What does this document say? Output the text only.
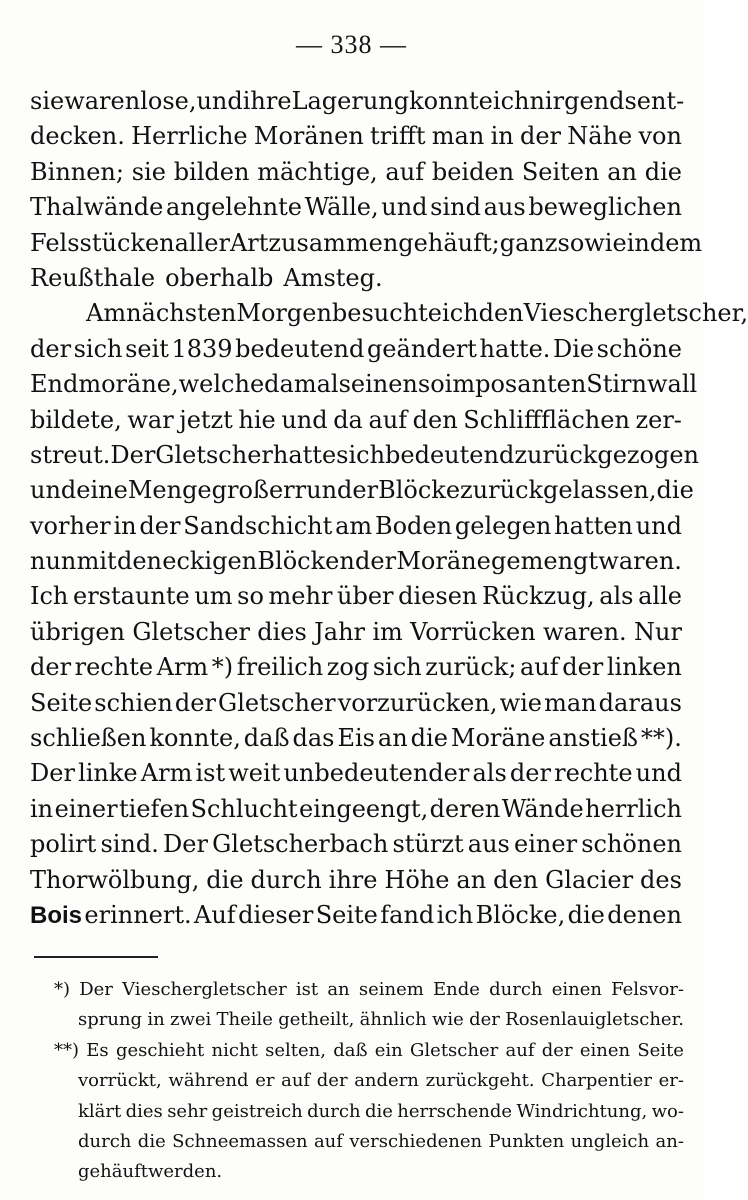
— 338 —
sie waren lose, und ihre Lagerung konnte ich nirgends ent-
decken. Herrliche Moränen trifft man in der Nähe von
Binnen; sie bilden mächtige, auf beiden Seiten an die
Thalwände angelehnte Wälle, und sind aus beweglichen
Felsstücken aller Art zusammengehäuft; ganz so wie in dem
Reußthale oberhalb Amsteg.
Am nächsten Morgen besuchte ich den Vieschergletscher,
der sich seit 1839 bedeutend geändert hatte. Die schöne
Endmoräne, welche damals einen so imposanten Stirnwall
bildete, war jetzt hie und da auf den Schliffflächen zer-
streut. Der Gletscher hatte sich bedeutend zurückgezogen
und eine Menge großer runder Blöcke zurückgelassen, die
vorher in der Sandschicht am Boden gelegen hatten und
nun mit den eckigen Blöcken der Moräne gemengt waren.
Ich erstaunte um so mehr über diesen Rückzug, als alle
übrigen Gletscher dies Jahr im Vorrücken waren. Nur
der rechte Arm *) freilich zog sich zurück; auf der linken
Seite schien der Gletscher vorzurücken, wie man daraus
schließen konnte, daß das Eis an die Moräne anstieß **).
Der linke Arm ist weit unbedeutender als der rechte und
in einer tiefen Schlucht eingeengt, deren Wände herrlich
polirt sind. Der Gletscherbach stürzt aus einer schönen
Thorwölbung, die durch ihre Höhe an den Glacier des
Bois erinnert. Auf dieser Seite fand ich Blöcke, die denen
*) Der Vieschergletscher ist an seinem Ende durch einen Felsvor-
sprung in zwei Theile getheilt, ähnlich wie der Rosenlauigletscher.
**) Es geschieht nicht selten, daß ein Gletscher auf der einen Seite
vorrückt, während er auf der andern zurückgeht. Charpentier er-
klärt dies sehr geistreich durch die herrschende Windrichtung, wo-
durch die Schneemassen auf verschiedenen Punkten ungleich an-
gehäuft werden.
